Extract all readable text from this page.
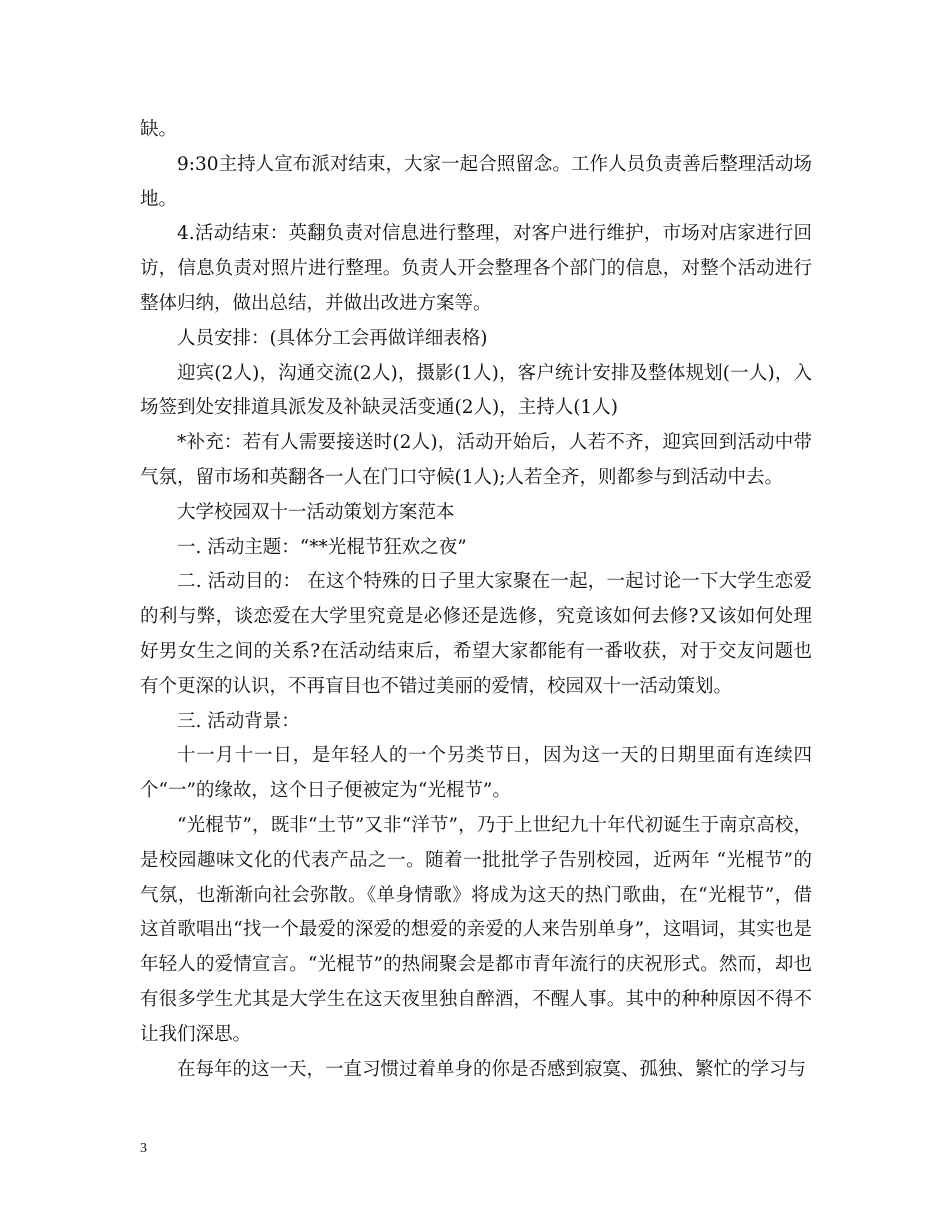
缺。

9:30主持人宣布派对结束，大家一起合照留念。工作人员负责善后整理活动场地。

4.活动结束：英翻负责对信息进行整理，对客户进行维护，市场对店家进行回访，信息负责对照片进行整理。负责人开会整理各个部门的信息，对整个活动进行整体归纳，做出总结，并做出改进方案等。

人员安排：(具体分工会再做详细表格)

迎宾(2人)，沟通交流(2人)，摄影(1人)，客户统计安排及整体规划(一人)，入场签到处安排道具派发及补缺灵活变通(2人)，主持人(1人)

*补充：若有人需要接送时(2人)，活动开始后，人若不齐，迎宾回到活动中带气氛，留市场和英翻各一人在门口守候(1人);人若全齐，则都参与到活动中去。

大学校园双十一活动策划方案范本

一. 活动主题：“**光棍节狂欢之夜”

二. 活动目的： 在这个特殊的日子里大家聚在一起，一起讨论一下大学生恋爱的利与弊，谈恋爱在大学里究竟是必修还是选修，究竟该如何去修?又该如何处理好男女生之间的关系?在活动结束后，希望大家都能有一番收获，对于交友问题也有个更深的认识，不再盲目也不错过美丽的爱情，校园双十一活动策划。

三. 活动背景：

十一月十一日，是年轻人的一个另类节日，因为这一天的日期里面有连续四个“一”的缘故，这个日子便被定为“光棍节”。

“光棍节”，既非“土节”又非“洋节”，乃于上世纪九十年代初诞生于南京高校，是校园趣味文化的代表产品之一。随着一批批学子告别校园，近两年 “光棍节”的气氛，也渐渐向社会弥散。《单身情歌》将成为这天的热门歌曲，在“光棍节”，借这首歌唱出“找一个最爱的深爱的想爱的亲爱的人来告别单身”，这唱词，其实也是年轻人的爱情宣言。“光棍节”的热闹聚会是都市青年流行的庆祝形式。然而，却也有很多学生尤其是大学生在这天夜里独自醉酒，不醒人事。其中的种种原因不得不让我们深思。

在每年的这一天，一直习惯过着单身的你是否感到寂寞、孤独、繁忙的学习与

3
